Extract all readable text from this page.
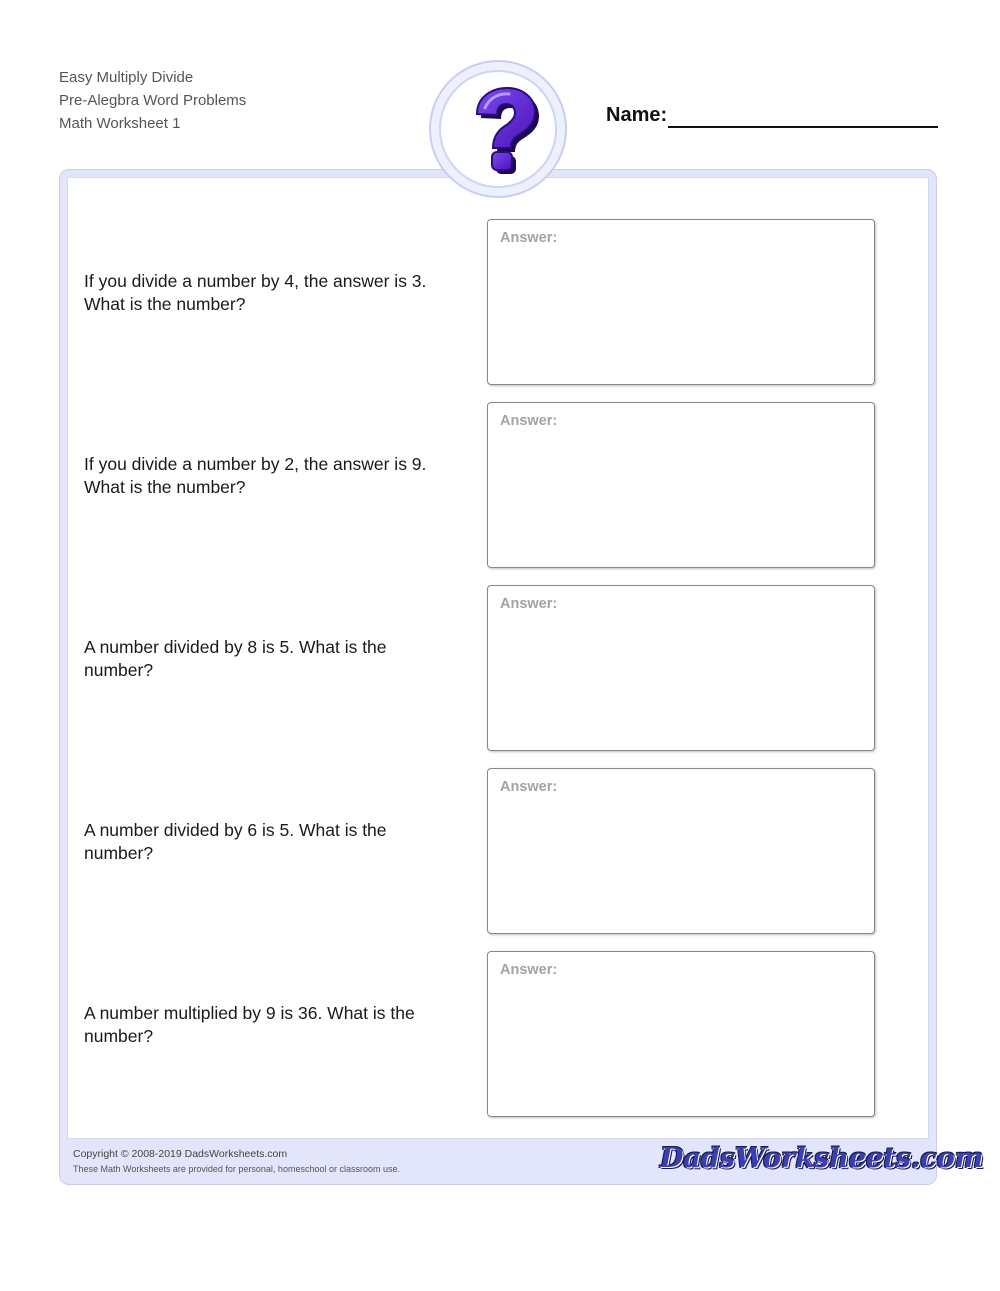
Easy Multiply Divide
Pre-Alegbra Word Problems
Math Worksheet 1	Name:
If you divide a number by 4, the answer is 3. What is the number?
Answer:
If you divide a number by 2, the answer is 9. What is the number?
Answer:
A number divided by 8 is 5. What is the number?
Answer:
A number divided by 6 is 5. What is the number?
Answer:
A number multiplied by 9 is 36. What is the number?
Answer:
Copyright © 2008-2019 DadsWorksheets.com
These Math Worksheets are provided for personal, homeschool or classroom use.	DadsWorksheets.com
